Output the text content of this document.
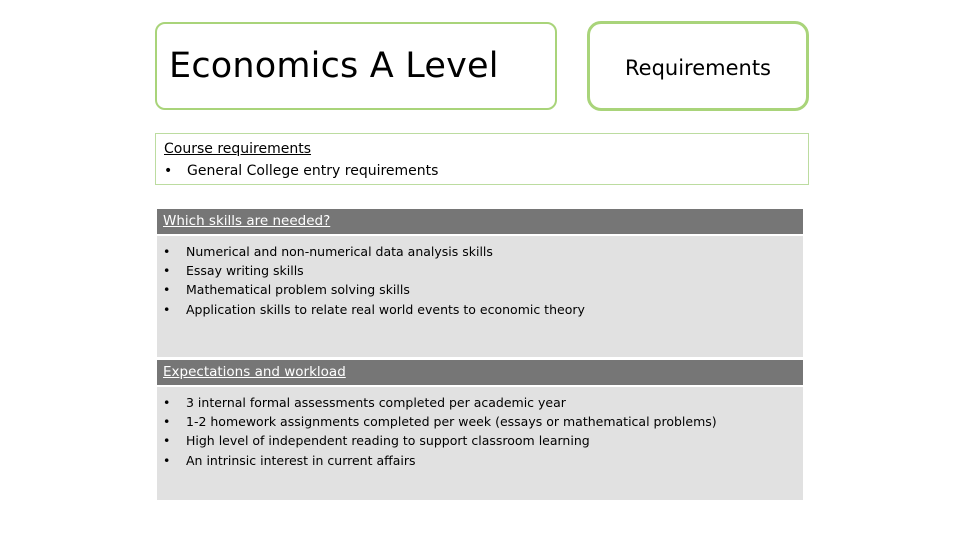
Economics A Level	Requirements
Course requirements
• General College entry requirements
Which skills are needed?
• Numerical and non-numerical data analysis skills
• Essay writing skills
• Mathematical problem solving skills
• Application skills to relate real world events to economic theory
Expectations and workload
• 3 internal formal assessments completed per academic year
• 1-2 homework assignments completed per week (essays or mathematical problems)
• High level of independent reading to support classroom learning
• An intrinsic interest in current affairs
